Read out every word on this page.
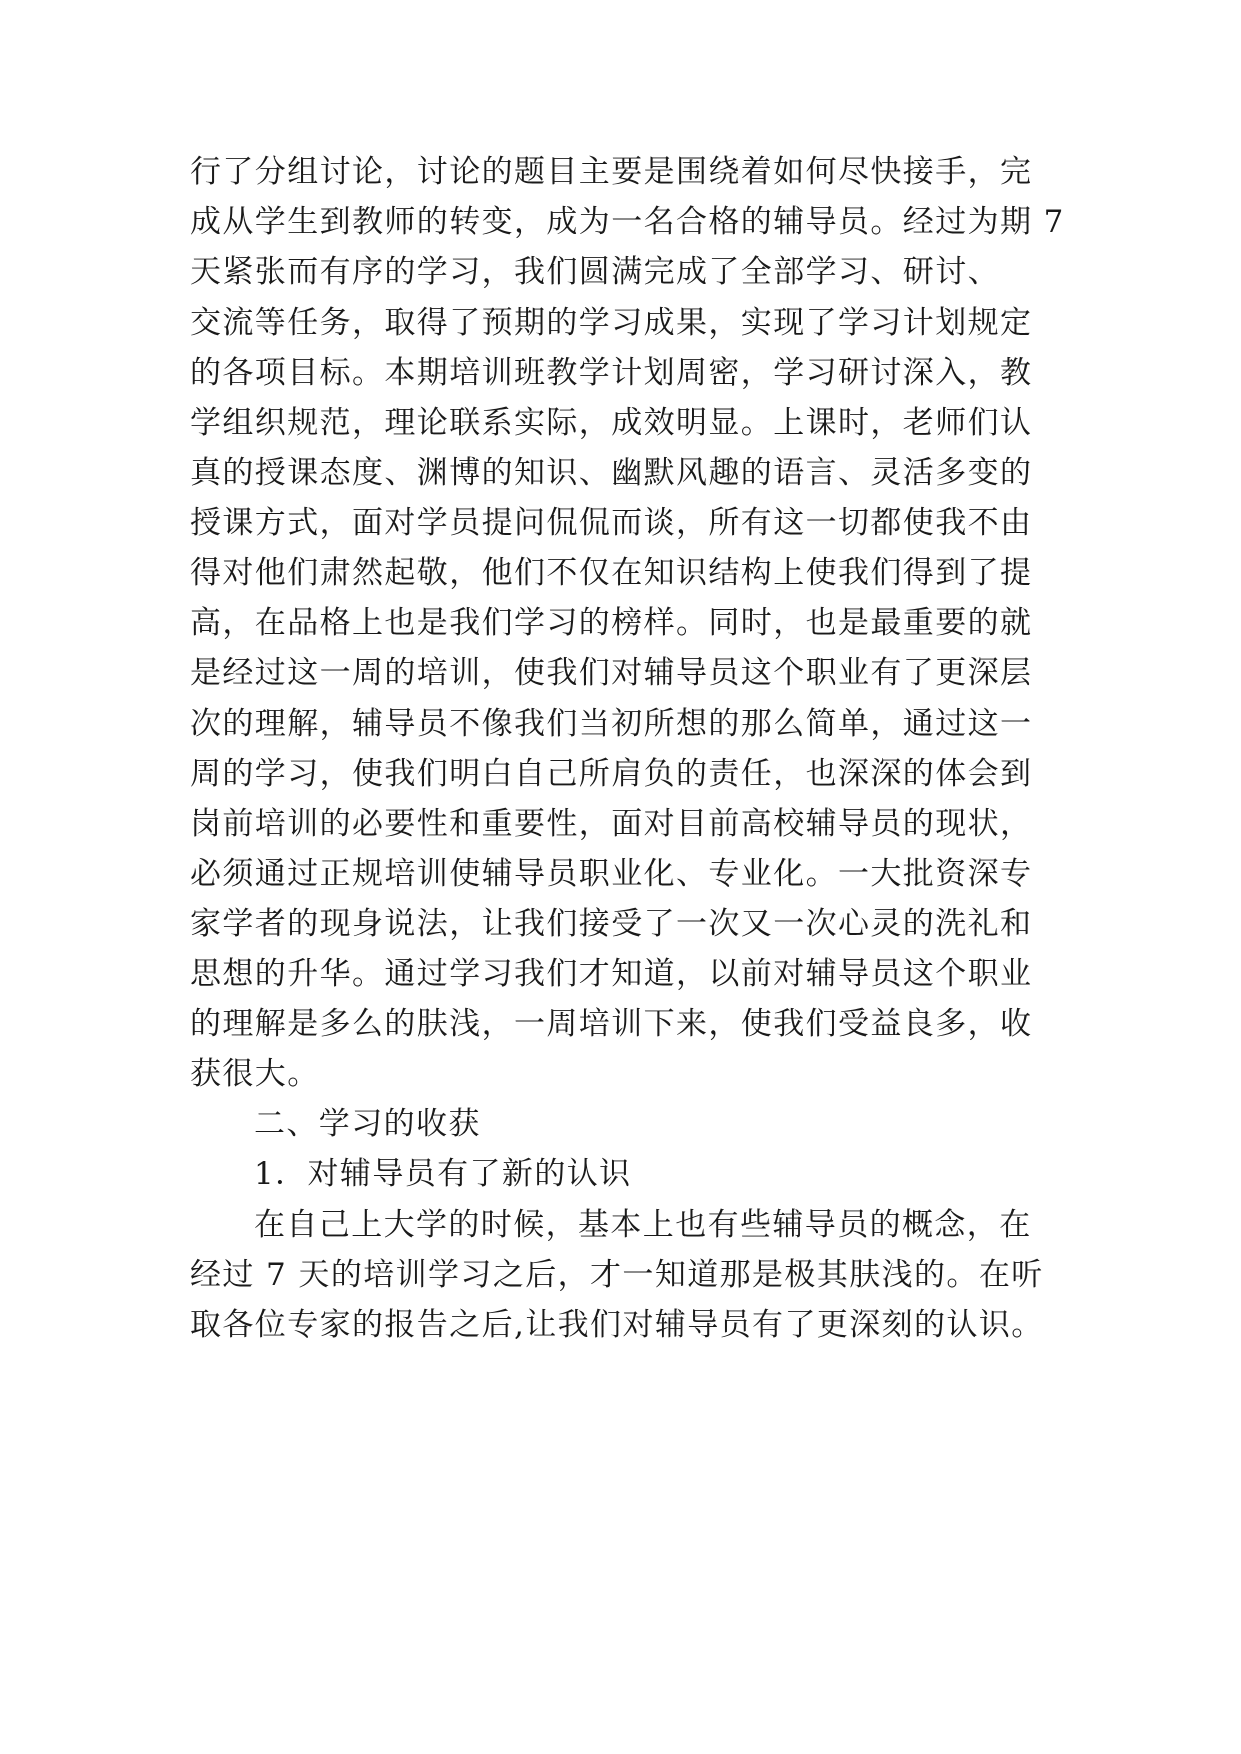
行了分组讨论，讨论的题目主要是围绕着如何尽快接手，完
成从学生到教师的转变，成为一名合格的辅导员。经过为期 7
天紧张而有序的学习，我们圆满完成了全部学习、研讨、
交流等任务，取得了预期的学习成果，实现了学习计划规定
的各项目标。本期培训班教学计划周密，学习研讨深入，教
学组织规范，理论联系实际，成效明显。上课时，老师们认
真的授课态度、渊博的知识、幽默风趣的语言、灵活多变的
授课方式，面对学员提问侃侃而谈，所有这一切都使我不由
得对他们肃然起敬，他们不仅在知识结构上使我们得到了提
高，在品格上也是我们学习的榜样。同时，也是最重要的就
是经过这一周的培训，使我们对辅导员这个职业有了更深层
次的理解，辅导员不像我们当初所想的那么简单，通过这一
周的学习，使我们明白自己所肩负的责任，也深深的体会到
岗前培训的必要性和重要性，面对目前高校辅导员的现状，
必须通过正规培训使辅导员职业化、专业化。一大批资深专
家学者的现身说法，让我们接受了一次又一次心灵的洗礼和
思想的升华。通过学习我们才知道，以前对辅导员这个职业
的理解是多么的肤浅，一周培训下来，使我们受益良多，收
获很大。
二、学习的收获
1．对辅导员有了新的认识
在自己上大学的时候，基本上也有些辅导员的概念，在
经过 7 天的培训学习之后，才一知道那是极其肤浅的。在听
取各位专家的报告之后,让我们对辅导员有了更深刻的认识。
